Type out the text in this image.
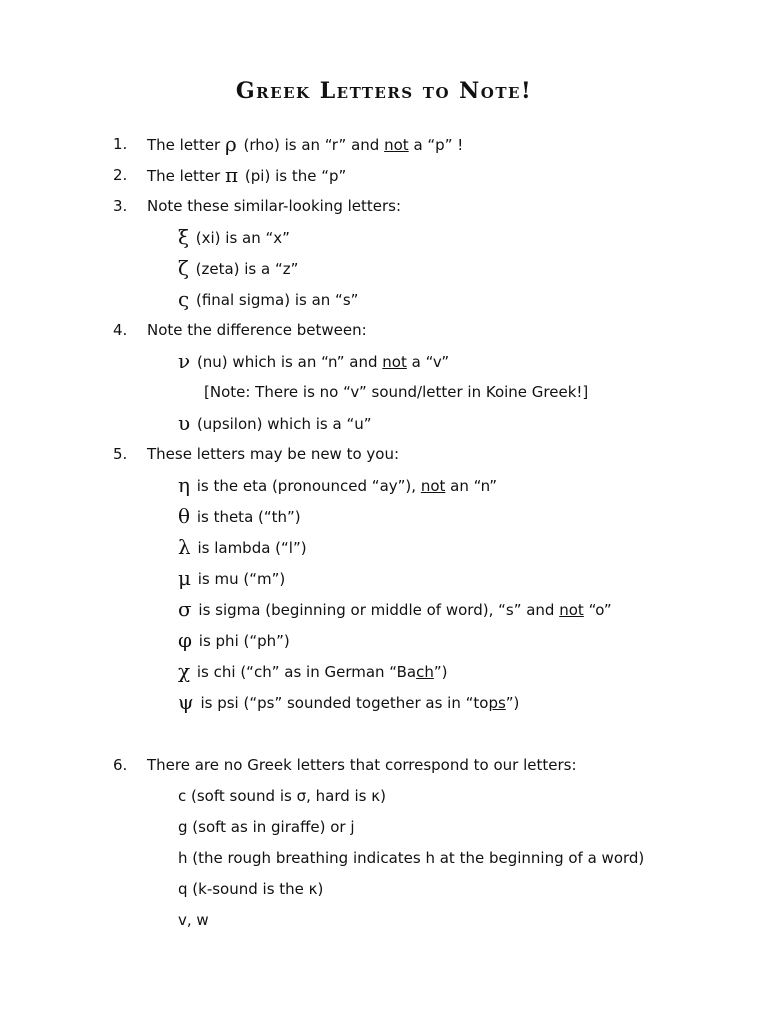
Greek Letters to Note!
1. The letter ρ (rho) is an “r” and not a “p” !
2. The letter π (pi) is the “p”
3. Note these similar-looking letters:
ξ (xi) is an “x”
ζ (zeta) is a “z”
ς (final sigma) is an “s”
4. Note the difference between:
ν (nu) which is an “n” and not a “v”
[Note: There is no “v” sound/letter in Koine Greek!]
υ (upsilon) which is a “u”
5. These letters may be new to you:
η is the eta (pronounced “ay”), not an “n”
θ is theta (“th”)
λ is lambda (“l”)
μ is mu (“m”)
σ is sigma (beginning or middle of word), “s” and not “o”
φ is phi (“ph”)
χ is chi (“ch” as in German “Bach”)
ψ is psi (“ps” sounded together as in “tops”)
6. There are no Greek letters that correspond to our letters:
c (soft sound is σ, hard is κ)
g (soft as in giraffe) or j
h (the rough breathing indicates h at the beginning of a word)
q (k-sound is the κ)
v, w
